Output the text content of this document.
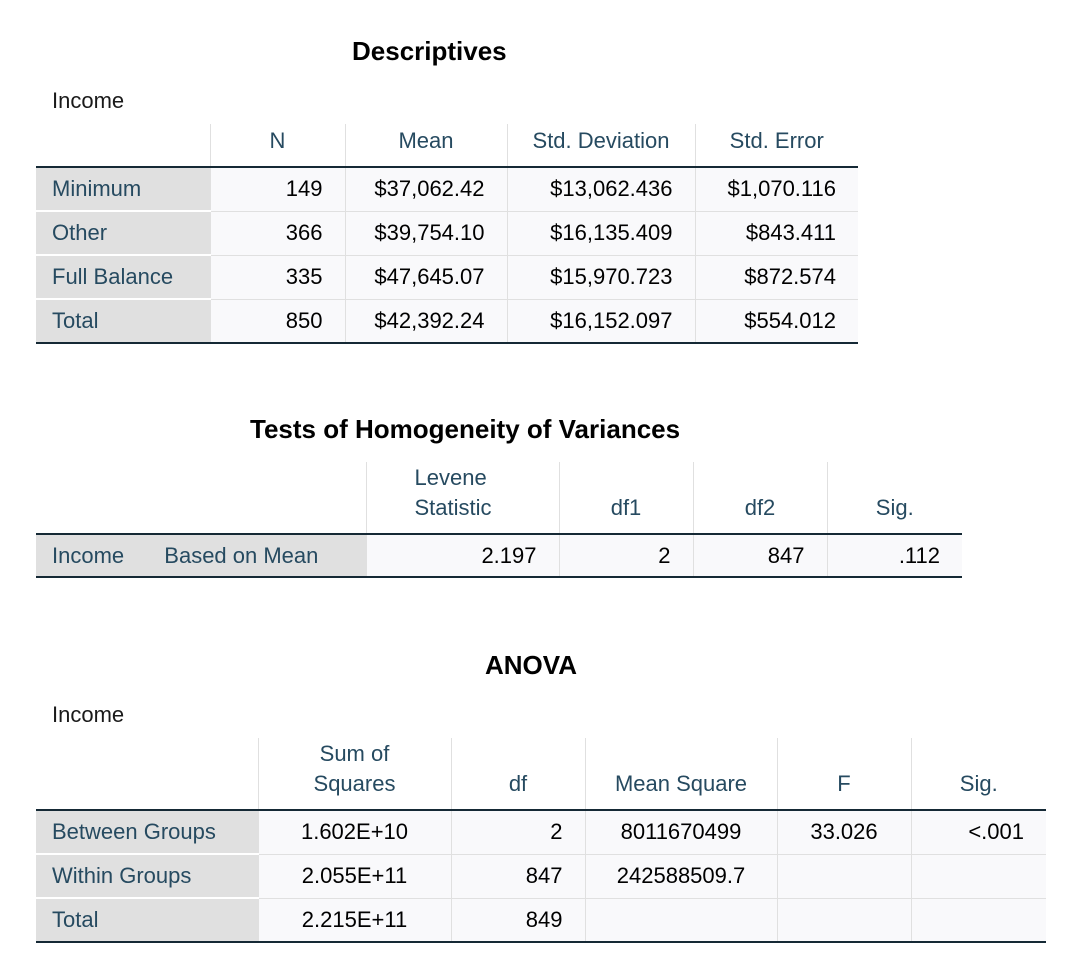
Descriptives
Income
	N	Mean	Std. Deviation	Std. Error
Minimum	149	$37,062.42	$13,062.436	$1,070.116
Other	366	$39,754.10	$16,135.409	$843.411
Full Balance	335	$47,645.07	$15,970.723	$872.574
Total	850	$42,392.24	$16,152.097	$554.012
Tests of Homogeneity of Variances
	Levene
Statistic	df1	df2	Sig.
Income Based on Mean	2.197	2	847	.112
ANOVA
Income
	Sum of
Squares	df	Mean Square	F	Sig.
Between Groups	1.602E+10	2	8011670499	33.026	<.001
Within Groups	2.055E+11	847	242588509.7		
Total	2.215E+11	849			
